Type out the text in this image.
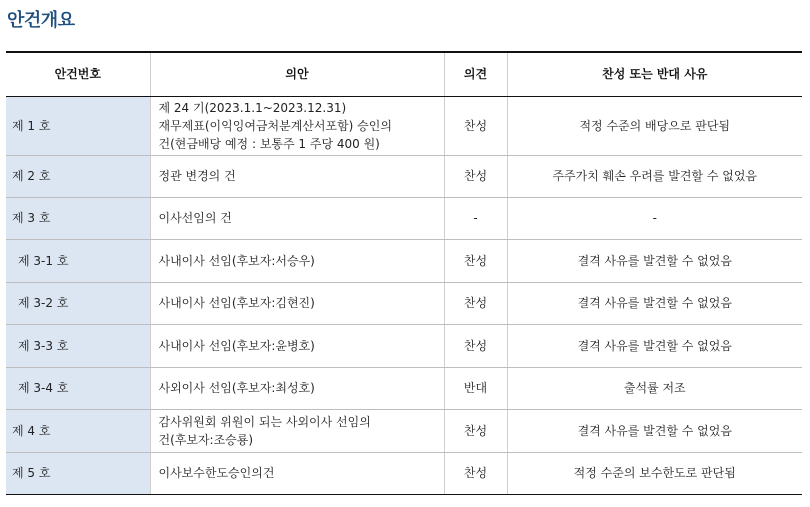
안건개요
안건번호	의안	의견	찬성 또는 반대 사유
제 1 호	제 24 기(2023.1.1~2023.12.31)
재무제표(이익잉여금처분계산서포함) 승인의
건(현금배당 예정 : 보통주 1 주당 400 원)	찬성	적정 수준의 배당으로 판단됨
제 2 호	정관 변경의 건	찬성	주주가치 훼손 우려를 발견할 수 없었음
제 3 호	이사선임의 건	-	-
제 3-1 호	사내이사 선임(후보자:서승우)	찬성	결격 사유를 발견할 수 없었음
제 3-2 호	사내이사 선임(후보자:김현진)	찬성	결격 사유를 발견할 수 없었음
제 3-3 호	사내이사 선임(후보자:윤병호)	찬성	결격 사유를 발견할 수 없었음
제 3-4 호	사외이사 선임(후보자:최성호)	반대	출석률 저조
제 4 호	감사위원회 위원이 되는 사외이사 선임의
건(후보자:조승룡)	찬성	결격 사유를 발견할 수 없었음
제 5 호	이사보수한도승인의건	찬성	적정 수준의 보수한도로 판단됨
